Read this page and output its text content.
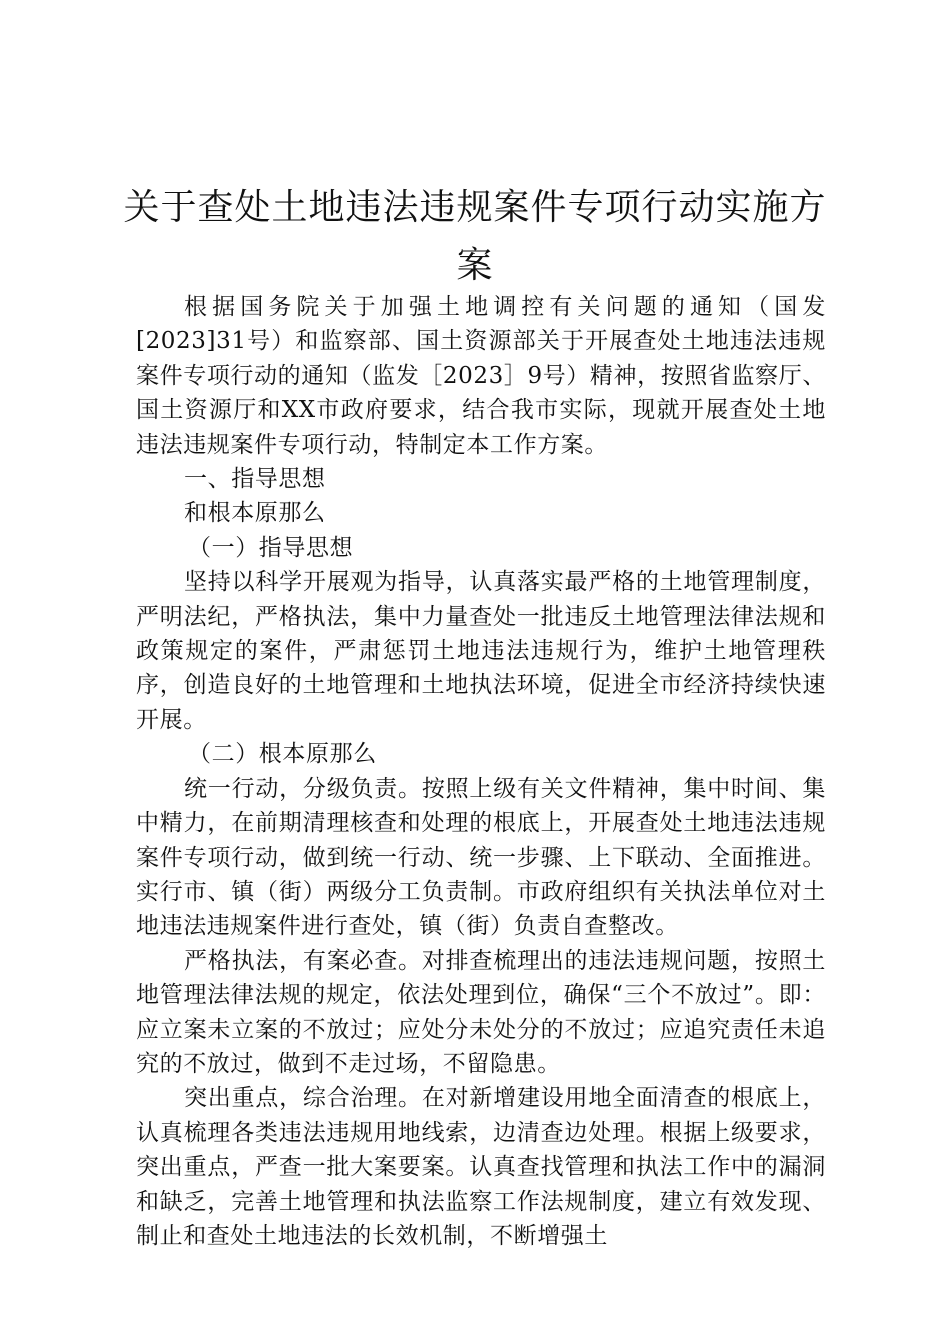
关于查处土地违法违规案件专项行动实施方
案

根据国务院关于加强土地调控有关问题的通知（国发[2023]31号）和监察部、国土资源部关于开展查处土地违法违规案件专项行动的通知（监发［2023］9号）精神，按照省监察厅、国土资源厅和XX市政府要求，结合我市实际，现就开展查处土地违法违规案件专项行动，特制定本工作方案。

一、指导思想

和根本原那么

（一）指导思想

坚持以科学开展观为指导，认真落实最严格的土地管理制度，严明法纪，严格执法，集中力量查处一批违反土地管理法律法规和政策规定的案件，严肃惩罚土地违法违规行为，维护土地管理秩序，创造良好的土地管理和土地执法环境，促进全市经济持续快速开展。

（二）根本原那么

统一行动，分级负责。按照上级有关文件精神，集中时间、集中精力，在前期清理核查和处理的根底上，开展查处土地违法违规案件专项行动，做到统一行动、统一步骤、上下联动、全面推进。实行市、镇（街）两级分工负责制。市政府组织有关执法单位对土地违法违规案件进行查处，镇（街）负责自查整改。

严格执法，有案必查。对排查梳理出的违法违规问题，按照土地管理法律法规的规定，依法处理到位，确保“三个不放过”。即：应立案未立案的不放过；应处分未处分的不放过；应追究责任未追究的不放过，做到不走过场，不留隐患。

突出重点，综合治理。在对新增建设用地全面清查的根底上，认真梳理各类违法违规用地线索，边清查边处理。根据上级要求，突出重点，严查一批大案要案。认真查找管理和执法工作中的漏洞和缺乏，完善土地管理和执法监察工作法规制度，建立有效发现、制止和查处土地违法的长效机制，不断增强土
